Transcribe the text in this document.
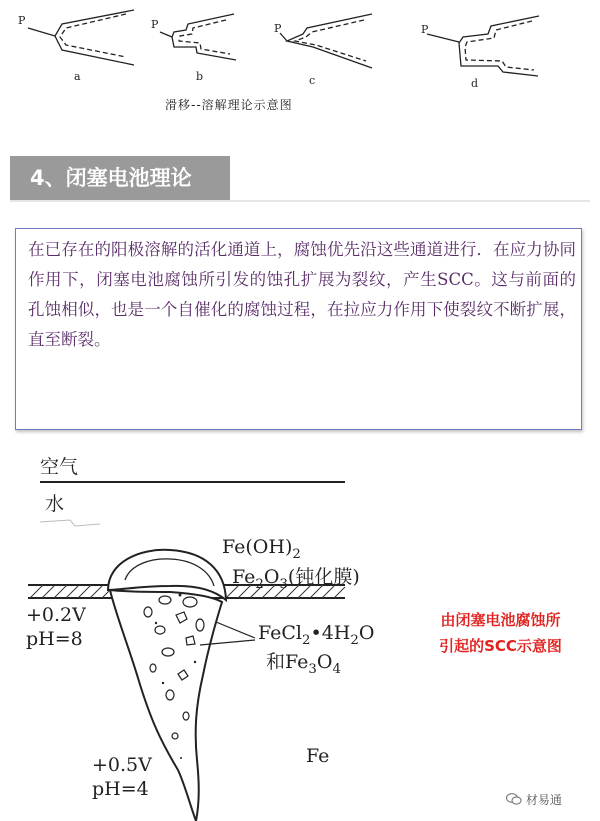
P	P	P	P
a	b	c	d
滑移--溶解理论示意图
4、闭塞电池理论

在已存在的阳极溶解的活化通道上，腐蚀优先沿这些通道进行．在应力协同作用下，闭塞电池腐蚀所引发的蚀孔扩展为裂纹，产生SCC。这与前面的孔蚀相似，也是一个自催化的腐蚀过程，在拉应力作用下使裂纹不断扩展，直至断裂。

空气
水
$Fe(OH)_2$
$Fe_2O_3$(钝化膜)
+0.2V
pH=8	$FeCl_2•4H_2O$
和$Fe_3O_4$
+0.5V
pH=4
Fe
由闭塞电池腐蚀所
引起的SCC示意图
材易通
